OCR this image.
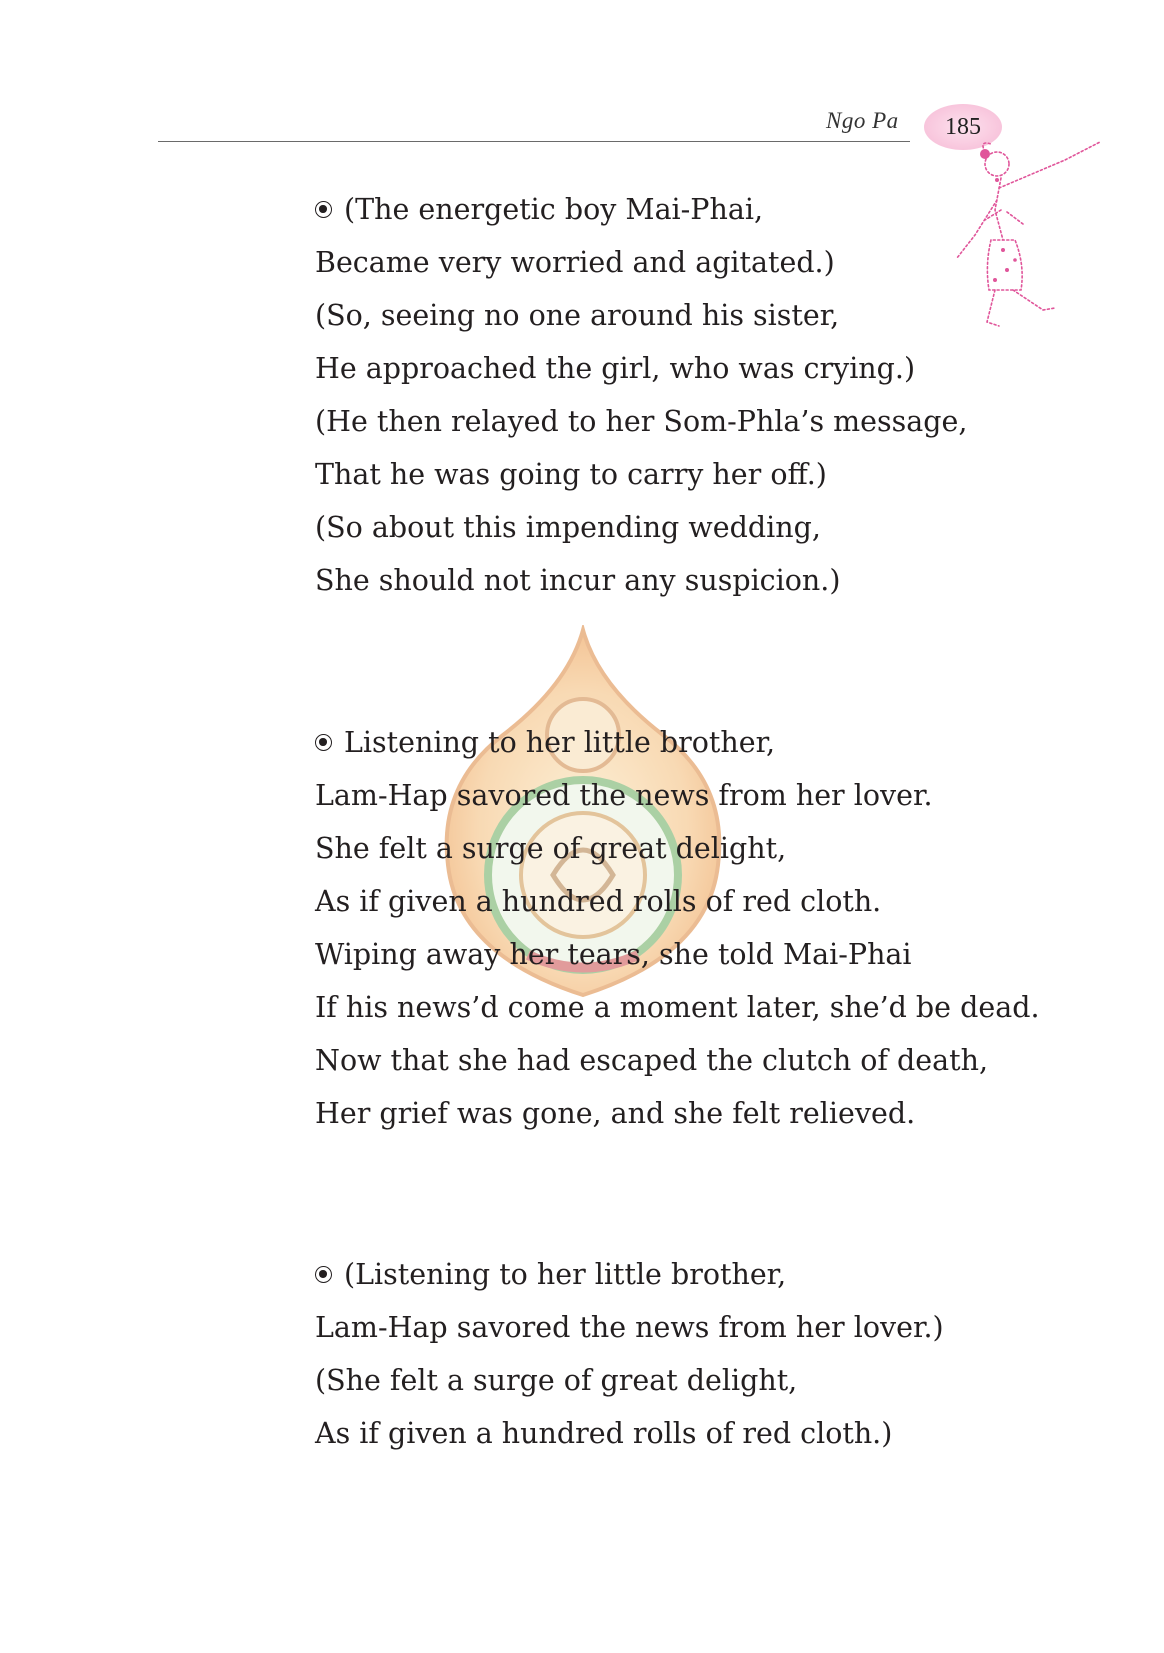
Ngo Pa 185
(The energetic boy Mai-Phai,
Became very worried and agitated.)
(So, seeing no one around his sister,
He approached the girl, who was crying.)
(He then relayed to her Som-Phla’s message,
That he was going to carry her off.)
(So about this impending wedding,
She should not incur any suspicion.)
Listening to her little brother,
Lam-Hap savored the news from her lover.
She felt a surge of great delight,
As if given a hundred rolls of red cloth.
Wiping away her tears, she told Mai-Phai
If his news’d come a moment later, she’d be dead.
Now that she had escaped the clutch of death,
Her grief was gone, and she felt relieved.
(Listening to her little brother,
Lam-Hap savored the news from her lover.)
(She felt a surge of great delight,
As if given a hundred rolls of red cloth.)
